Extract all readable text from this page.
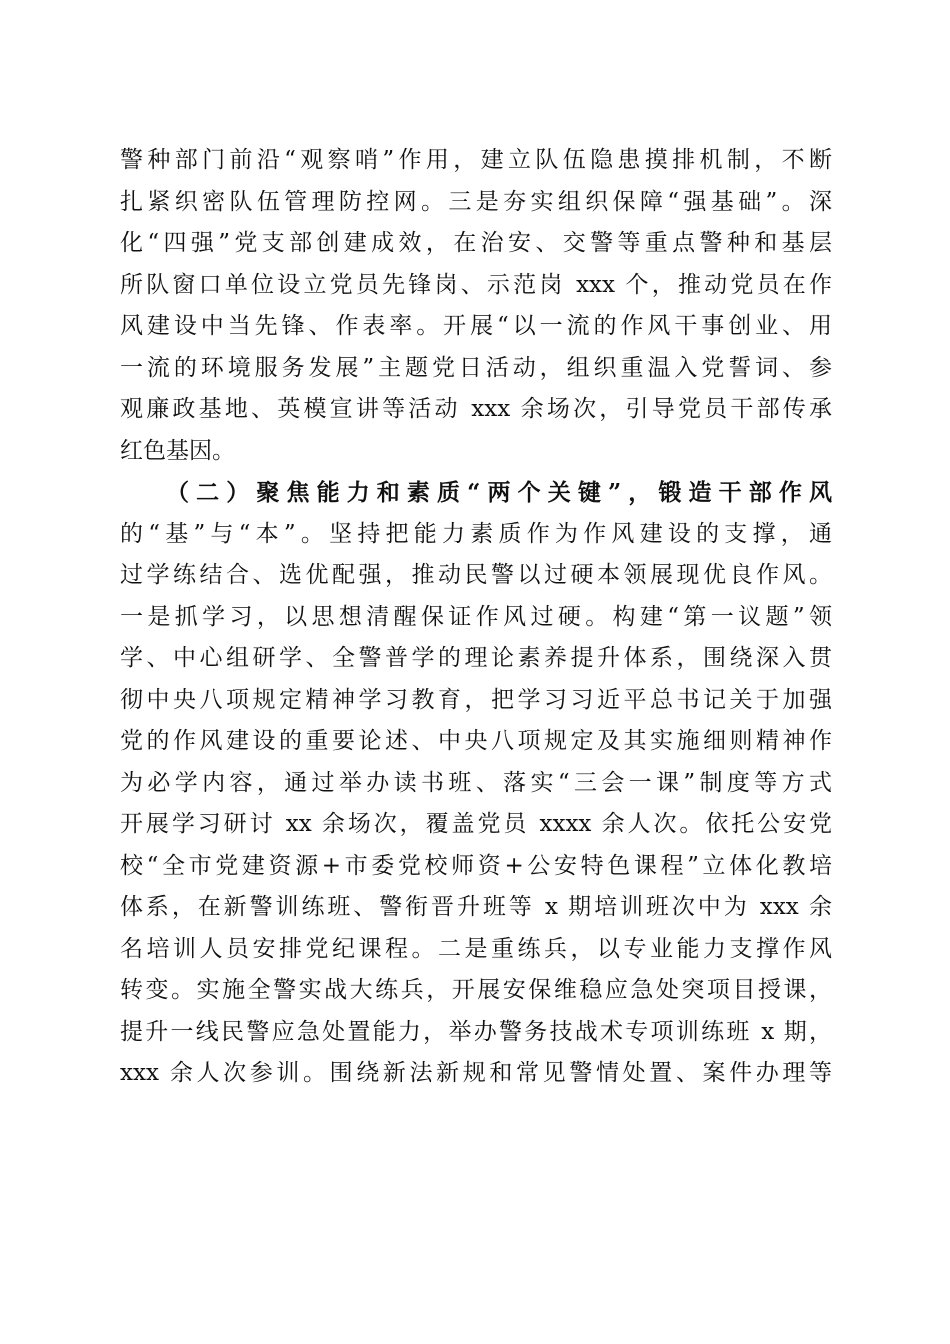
警种部门前沿“观察哨”作用，建立队伍隐患摸排机制，不断
扎紧织密队伍管理防控网。三是夯实组织保障“强基础”。深
化“四强”党支部创建成效，在治安、交警等重点警种和基层
所队窗口单位设立党员先锋岗、示范岗 xxx 个，推动党员在作
风建设中当先锋、作表率。开展“以一流的作风干事创业、用
一流的环境服务发展”主题党日活动，组织重温入党誓词、参
观廉政基地、英模宣讲等活动 xxx 余场次，引导党员干部传承
红色基因。
（二）聚焦能力和素质“两个关键”，锻造干部作风
的“基”与“本”。坚持把能力素质作为作风建设的支撑，通
过学练结合、选优配强，推动民警以过硬本领展现优良作风。
一是抓学习，以思想清醒保证作风过硬。构建“第一议题”领
学、中心组研学、全警普学的理论素养提升体系，围绕深入贯
彻中央八项规定精神学习教育，把学习习近平总书记关于加强
党的作风建设的重要论述、中央八项规定及其实施细则精神作
为必学内容，通过举办读书班、落实“三会一课”制度等方式
开展学习研讨 xx 余场次，覆盖党员 xxxx 余人次。依托公安党
校“全市党建资源+市委党校师资+公安特色课程”立体化教培
体系，在新警训练班、警衔晋升班等 x 期培训班次中为 xxx 余
名培训人员安排党纪课程。二是重练兵，以专业能力支撑作风
转变。实施全警实战大练兵，开展安保维稳应急处突项目授课，
提升一线民警应急处置能力，举办警务技战术专项训练班 x 期，
xxx 余人次参训。围绕新法新规和常见警情处置、案件办理等
